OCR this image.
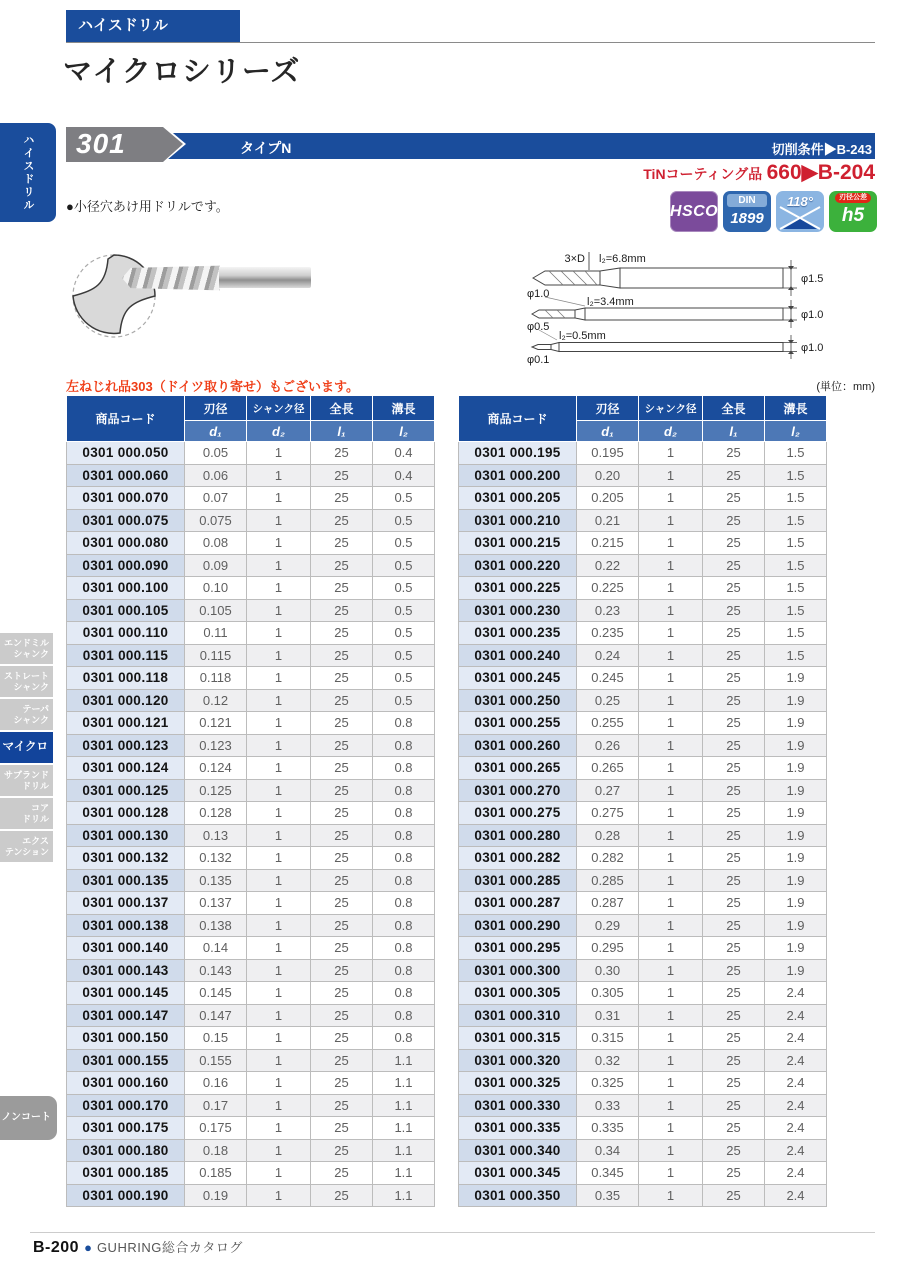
ハイスドリル
マイクロシリーズ
ハイスドリル	タイプN	切削条件▶B-243
301
TiNコーティング品 660▶B-204
●小径穴あけ用ドリルです。	HSCO
DIN
1899
118°	刃径公差
h5
3×D l₂=6.8mm
φ1.0
φ1.5
l₂=3.4mm
φ0.5
φ1.0
l₂=0.5mm
φ0.1
φ1.0
左ねじれ品303（ドイツ取り寄せ）もございます。	(単位：mm)
商品コード	刃径	シャンク径	全長	溝長
	d₁	d₂	l₁	l₂
0301 000.050	0.05	1	25	0.4
0301 000.060	0.06	1	25	0.4
0301 000.070	0.07	1	25	0.5
0301 000.075	0.075	1	25	0.5
0301 000.080	0.08	1	25	0.5
0301 000.090	0.09	1	25	0.5
0301 000.100	0.10	1	25	0.5
0301 000.105	0.105	1	25	0.5
0301 000.110	0.11	1	25	0.5
0301 000.115	0.115	1	25	0.5
0301 000.118	0.118	1	25	0.5
0301 000.120	0.12	1	25	0.5
0301 000.121	0.121	1	25	0.8
0301 000.123	0.123	1	25	0.8
0301 000.124	0.124	1	25	0.8
0301 000.125	0.125	1	25	0.8
0301 000.128	0.128	1	25	0.8
0301 000.130	0.13	1	25	0.8
0301 000.132	0.132	1	25	0.8
0301 000.135	0.135	1	25	0.8
0301 000.137	0.137	1	25	0.8
0301 000.138	0.138	1	25	0.8
0301 000.140	0.14	1	25	0.8
0301 000.143	0.143	1	25	0.8
0301 000.145	0.145	1	25	0.8
0301 000.147	0.147	1	25	0.8
0301 000.150	0.15	1	25	0.8
0301 000.155	0.155	1	25	1.1
0301 000.160	0.16	1	25	1.1
0301 000.170	0.17	1	25	1.1
0301 000.175	0.175	1	25	1.1
0301 000.180	0.18	1	25	1.1
0301 000.185	0.185	1	25	1.1
0301 000.190	0.19	1	25	1.1
商品コード	刃径	シャンク径	全長	溝長
	d₁	d₂	l₁	l₂
0301 000.195	0.195	1	25	1.5
0301 000.200	0.20	1	25	1.5
0301 000.205	0.205	1	25	1.5
0301 000.210	0.21	1	25	1.5
0301 000.215	0.215	1	25	1.5
0301 000.220	0.22	1	25	1.5
0301 000.225	0.225	1	25	1.5
0301 000.230	0.23	1	25	1.5
0301 000.235	0.235	1	25	1.5
0301 000.240	0.24	1	25	1.5
0301 000.245	0.245	1	25	1.9
0301 000.250	0.25	1	25	1.9
0301 000.255	0.255	1	25	1.9
0301 000.260	0.26	1	25	1.9
0301 000.265	0.265	1	25	1.9
0301 000.270	0.27	1	25	1.9
0301 000.275	0.275	1	25	1.9
0301 000.280	0.28	1	25	1.9
0301 000.282	0.282	1	25	1.9
0301 000.285	0.285	1	25	1.9
0301 000.287	0.287	1	25	1.9
0301 000.290	0.29	1	25	1.9
0301 000.295	0.295	1	25	1.9
0301 000.300	0.30	1	25	1.9
0301 000.305	0.305	1	25	2.4
0301 000.310	0.31	1	25	2.4
0301 000.315	0.315	1	25	2.4
0301 000.320	0.32	1	25	2.4
0301 000.325	0.325	1	25	2.4
0301 000.330	0.33	1	25	2.4
0301 000.335	0.335	1	25	2.4
0301 000.340	0.34	1	25	2.4
0301 000.345	0.345	1	25	2.4
0301 000.350	0.35	1	25	2.4
エンドミル
シャンク
ストレート
シャンク
テーパ
シャンク
マイクロ
サブランド
ドリル
コア
ドリル
エクス
テンション
ノンコート
B-200 ● GUHRING総合カタログ
